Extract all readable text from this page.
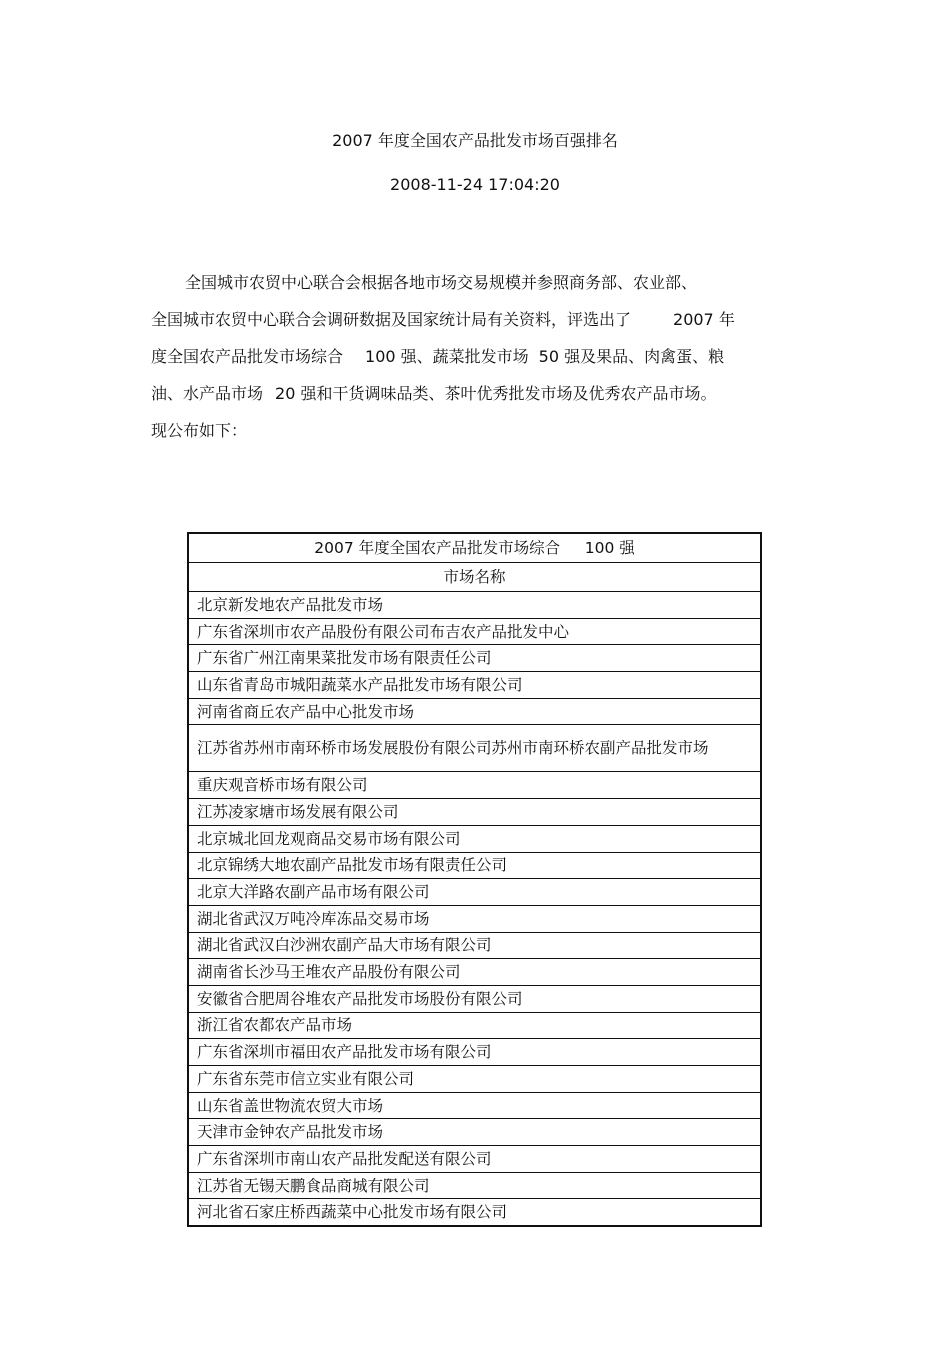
2007 年度全国农产品批发市场百强排名
2008-11-24 17:04:20

全国城市农贸中心联合会根据各地市场交易规模并参照商务部、农业部、

全国城市农贸中心联合会调研数据及国家统计局有关资料，评选出了	2007 年

度全国农产品批发市场综合 100 强、蔬菜批发市场 50 强及果品、肉禽蛋、粮

油、水产品市场 20 强和干货调味品类、茶叶优秀批发市场及优秀农产品市场。

现公布如下：

2007 年度全国农产品批发市场综合     100 强
市场名称
北京新发地农产品批发市场
广东省深圳市农产品股份有限公司布吉农产品批发中心
广东省广州江南果菜批发市场有限责任公司
山东省青岛市城阳蔬菜水产品批发市场有限公司
河南省商丘农产品中心批发市场
江苏省苏州市南环桥市场发展股份有限公司苏州市南环桥农副产品批发市场
重庆观音桥市场有限公司
江苏凌家塘市场发展有限公司
北京城北回龙观商品交易市场有限公司
北京锦绣大地农副产品批发市场有限责任公司
北京大洋路农副产品市场有限公司
湖北省武汉万吨冷库冻品交易市场
湖北省武汉白沙洲农副产品大市场有限公司
湖南省长沙马王堆农产品股份有限公司
安徽省合肥周谷堆农产品批发市场股份有限公司
浙江省农都农产品市场
广东省深圳市福田农产品批发市场有限公司
广东省东莞市信立实业有限公司
山东省盖世物流农贸大市场
天津市金钟农产品批发市场
广东省深圳市南山农产品批发配送有限公司
江苏省无锡天鹏食品商城有限公司
河北省石家庄桥西蔬菜中心批发市场有限公司
